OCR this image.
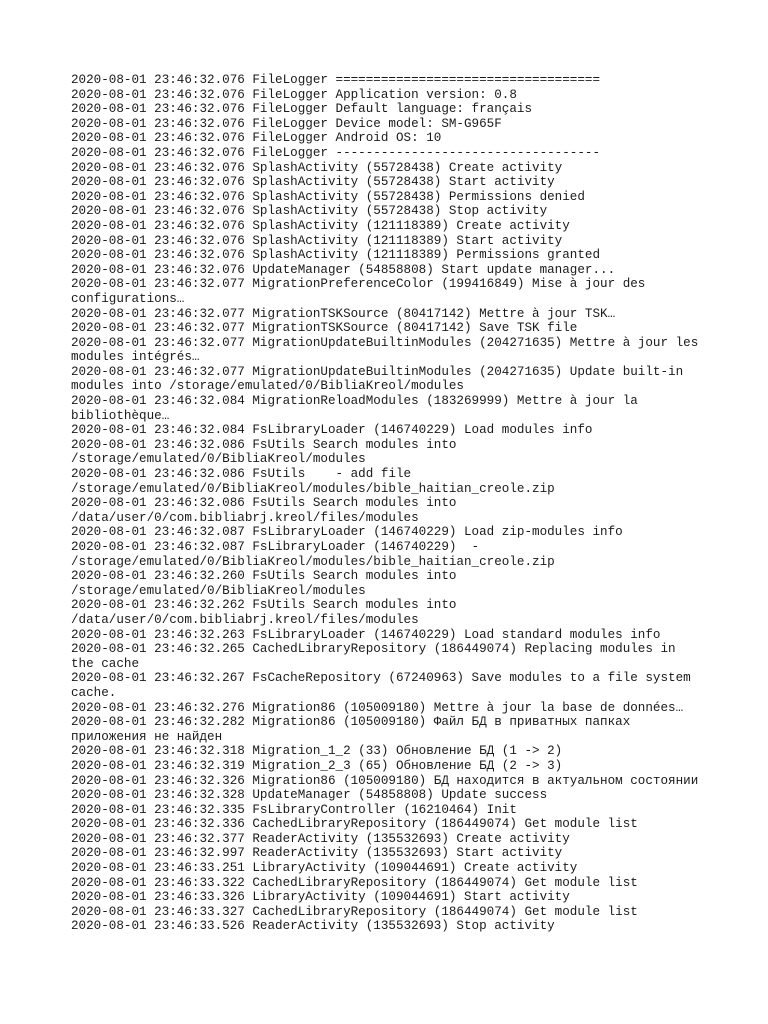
2020-08-01 23:46:32.076 FileLogger ===================================
2020-08-01 23:46:32.076 FileLogger Application version: 0.8
2020-08-01 23:46:32.076 FileLogger Default language: français
2020-08-01 23:46:32.076 FileLogger Device model: SM-G965F
2020-08-01 23:46:32.076 FileLogger Android OS: 10
2020-08-01 23:46:32.076 FileLogger -----------------------------------
2020-08-01 23:46:32.076 SplashActivity (55728438) Create activity
2020-08-01 23:46:32.076 SplashActivity (55728438) Start activity
2020-08-01 23:46:32.076 SplashActivity (55728438) Permissions denied
2020-08-01 23:46:32.076 SplashActivity (55728438) Stop activity
2020-08-01 23:46:32.076 SplashActivity (121118389) Create activity
2020-08-01 23:46:32.076 SplashActivity (121118389) Start activity
2020-08-01 23:46:32.076 SplashActivity (121118389) Permissions granted
2020-08-01 23:46:32.076 UpdateManager (54858808) Start update manager...
2020-08-01 23:46:32.077 MigrationPreferenceColor (199416849) Mise à jour des
configurations…
2020-08-01 23:46:32.077 MigrationTSKSource (80417142) Mettre à jour TSK…
2020-08-01 23:46:32.077 MigrationTSKSource (80417142) Save TSK file
2020-08-01 23:46:32.077 MigrationUpdateBuiltinModules (204271635) Mettre à jour les
modules intégrés…
2020-08-01 23:46:32.077 MigrationUpdateBuiltinModules (204271635) Update built-in
modules into /storage/emulated/0/BibliaKreol/modules
2020-08-01 23:46:32.084 MigrationReloadModules (183269999) Mettre à jour la
bibliothèque…
2020-08-01 23:46:32.084 FsLibraryLoader (146740229) Load modules info
2020-08-01 23:46:32.086 FsUtils Search modules into
/storage/emulated/0/BibliaKreol/modules
2020-08-01 23:46:32.086 FsUtils    - add file
/storage/emulated/0/BibliaKreol/modules/bible_haitian_creole.zip
2020-08-01 23:46:32.086 FsUtils Search modules into
/data/user/0/com.bibliabrj.kreol/files/modules
2020-08-01 23:46:32.087 FsLibraryLoader (146740229) Load zip-modules info
2020-08-01 23:46:32.087 FsLibraryLoader (146740229)  -
/storage/emulated/0/BibliaKreol/modules/bible_haitian_creole.zip
2020-08-01 23:46:32.260 FsUtils Search modules into
/storage/emulated/0/BibliaKreol/modules
2020-08-01 23:46:32.262 FsUtils Search modules into
/data/user/0/com.bibliabrj.kreol/files/modules
2020-08-01 23:46:32.263 FsLibraryLoader (146740229) Load standard modules info
2020-08-01 23:46:32.265 CachedLibraryRepository (186449074) Replacing modules in
the cache
2020-08-01 23:46:32.267 FsCacheRepository (67240963) Save modules to a file system
cache.
2020-08-01 23:46:32.276 Migration86 (105009180) Mettre à jour la base de données…
2020-08-01 23:46:32.282 Migration86 (105009180) Файл БД в приватных папках
приложения не найден
2020-08-01 23:46:32.318 Migration_1_2 (33) Обновление БД (1 -> 2)
2020-08-01 23:46:32.319 Migration_2_3 (65) Обновление БД (2 -> 3)
2020-08-01 23:46:32.326 Migration86 (105009180) БД находится в актуальном состоянии
2020-08-01 23:46:32.328 UpdateManager (54858808) Update success
2020-08-01 23:46:32.335 FsLibraryController (16210464) Init
2020-08-01 23:46:32.336 CachedLibraryRepository (186449074) Get module list
2020-08-01 23:46:32.377 ReaderActivity (135532693) Create activity
2020-08-01 23:46:32.997 ReaderActivity (135532693) Start activity
2020-08-01 23:46:33.251 LibraryActivity (109044691) Create activity
2020-08-01 23:46:33.322 CachedLibraryRepository (186449074) Get module list
2020-08-01 23:46:33.326 LibraryActivity (109044691) Start activity
2020-08-01 23:46:33.327 CachedLibraryRepository (186449074) Get module list
2020-08-01 23:46:33.526 ReaderActivity (135532693) Stop activity
